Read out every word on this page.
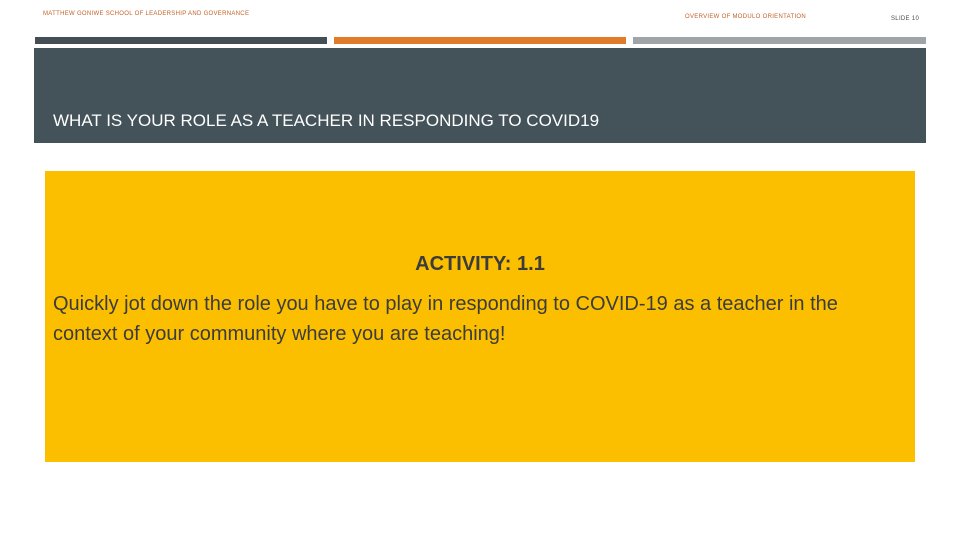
MATTHEW GONIWE SCHOOL OF LEADERSHIP AND GOVERNANCE	OVERVIEW OF MODULO ORIENTATION	SLIDE 10
WHAT IS YOUR ROLE AS A TEACHER IN RESPONDING TO COVID19
ACTIVITY: 1.1
Quickly jot down the role you have to play in responding to COVID-19 as a teacher in the context of your community where you are teaching!
